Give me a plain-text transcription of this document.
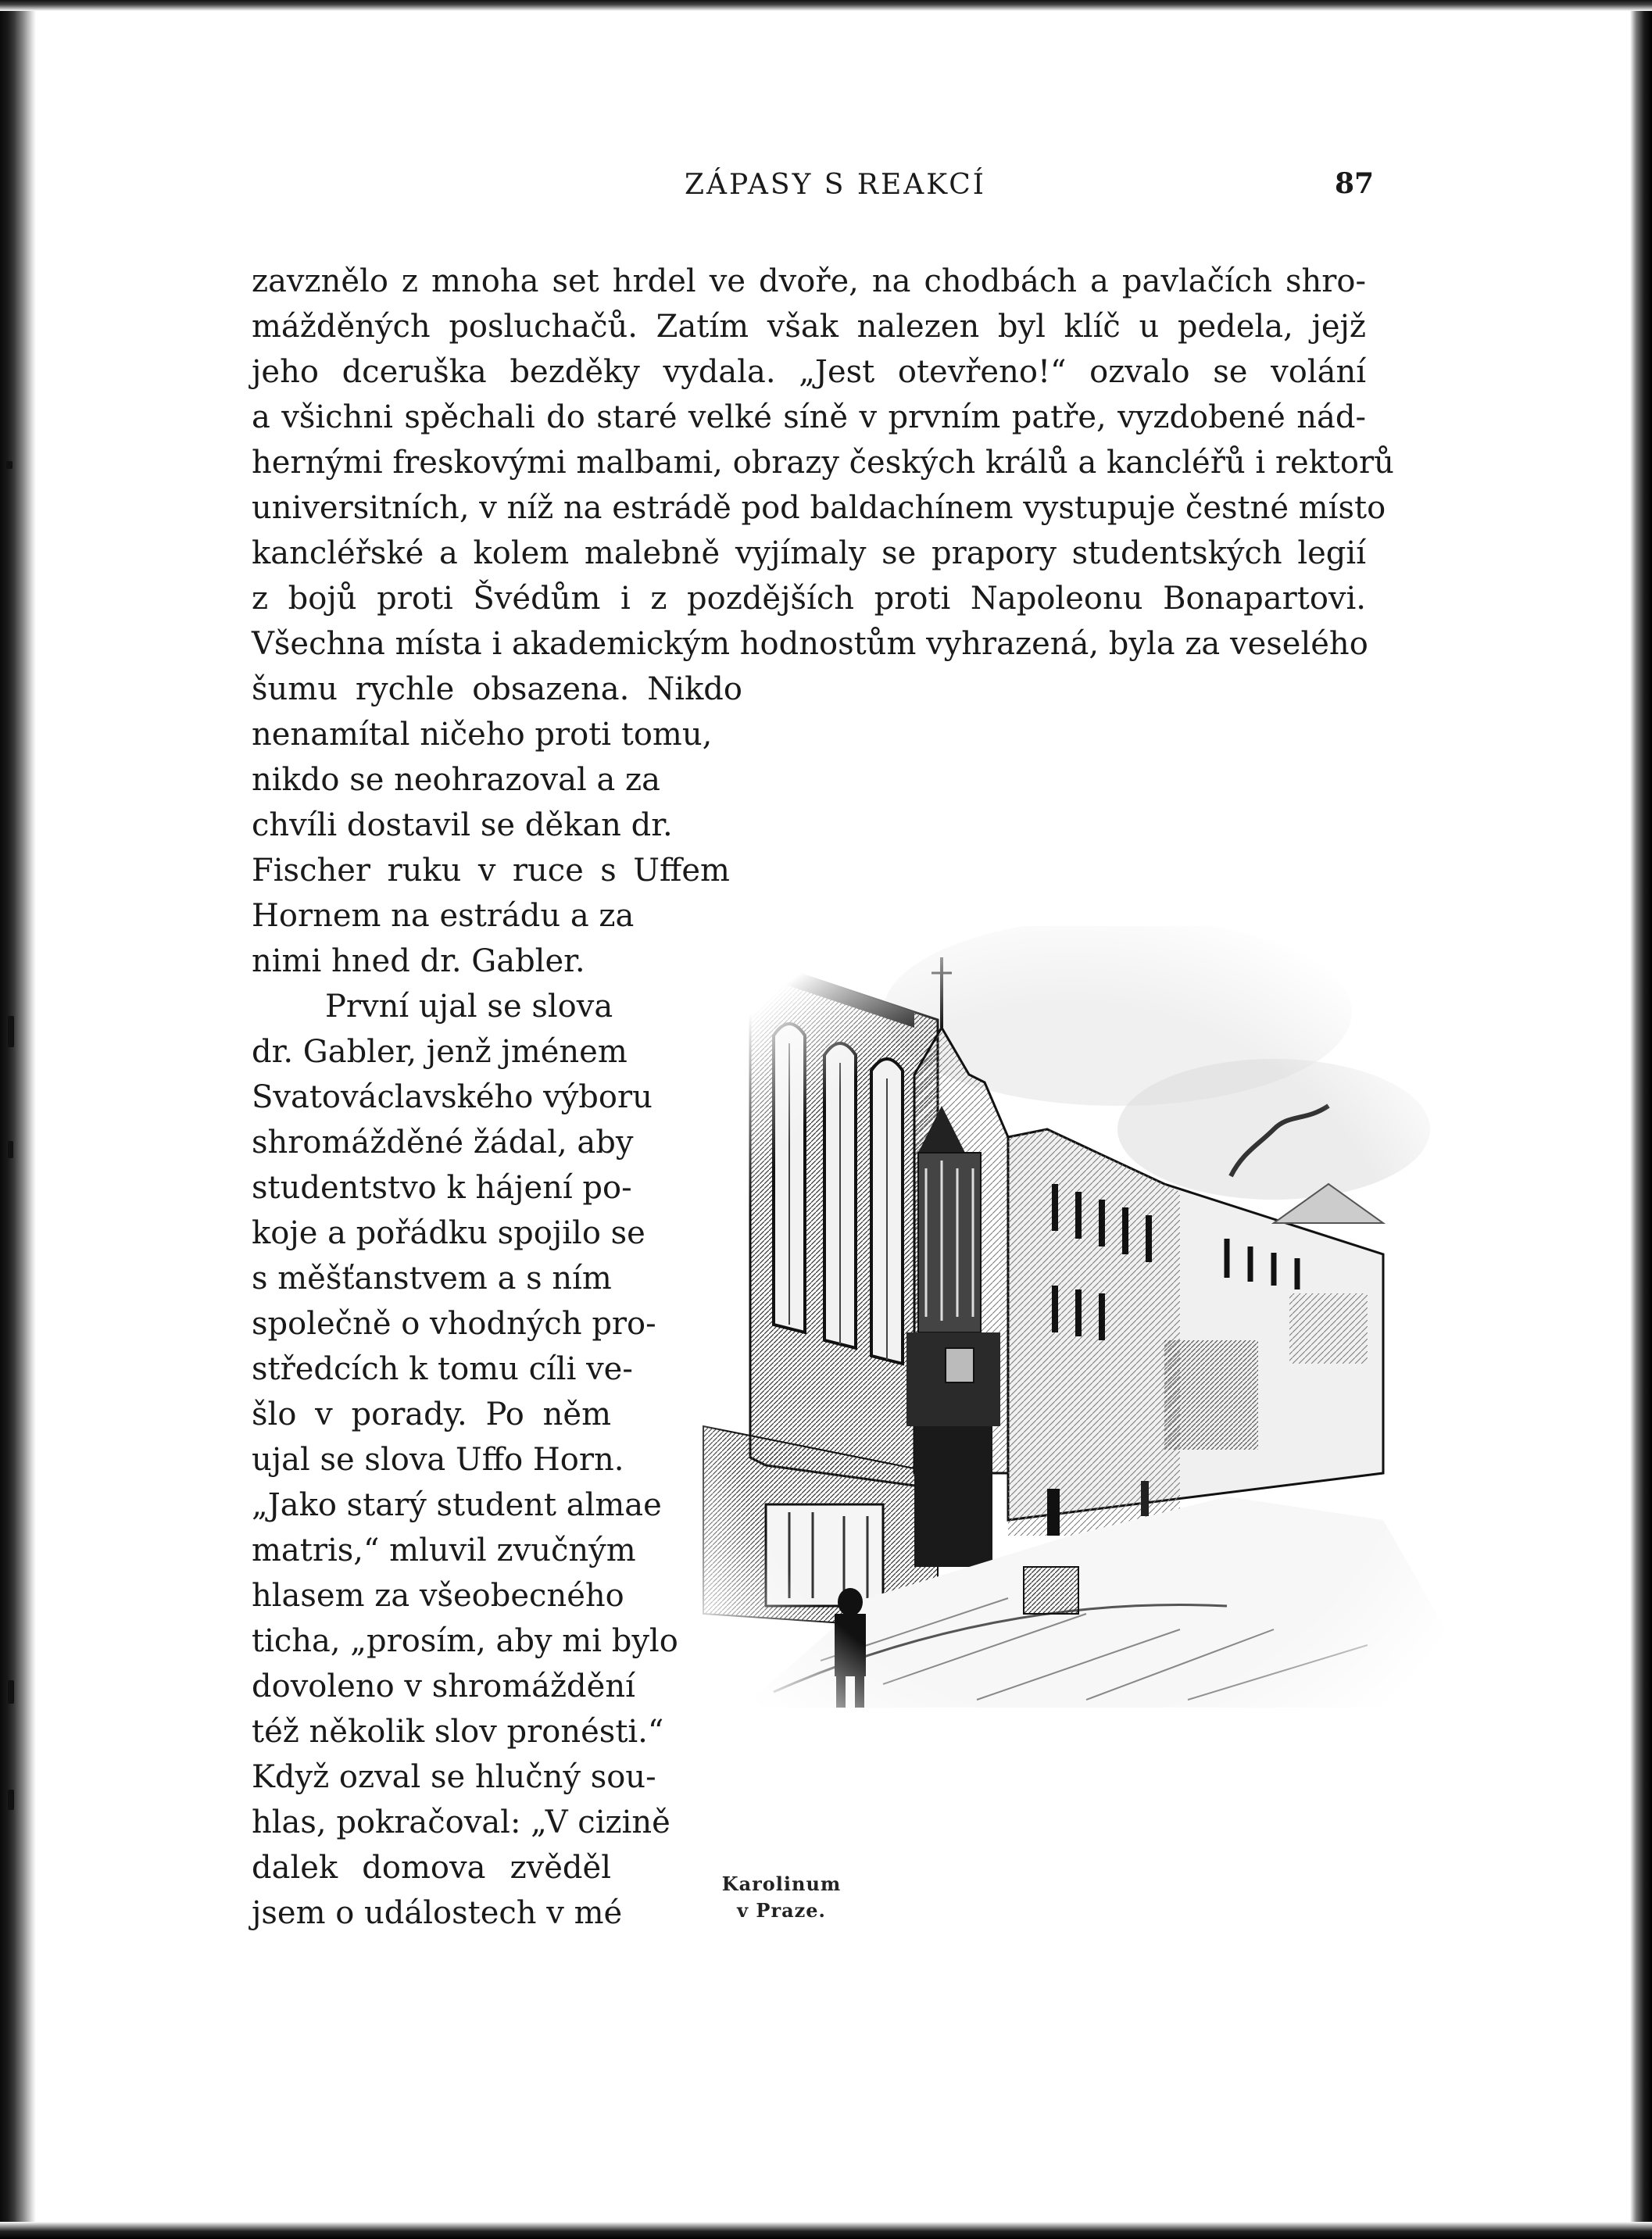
ZÁPASY S REAKCÍ	87
zavznělo z mnoha set hrdel ve dvoře, na chodbách a pavlačích shro-
mážděných posluchačů. Zatím však nalezen byl klíč u pedela, jejž
jeho dceruška bezděky vydala. „Jest otevřeno!“ ozvalo se volání
a všichni spěchali do staré velké síně v prvním patře, vyzdobené nád-
hernými freskovými malbami, obrazy českých králů a kancléřů i rektorů
universitních, v níž na estrádě pod baldachínem vystupuje čestné místo
kancléřské a kolem malebně vyjímaly se prapory studentských legií
z bojů proti Švédům i z pozdějších proti Napoleonu Bonapartovi.
Všechna místa i akademickým hodnostům vyhrazená, byla za veselého
šumu rychle obsazena. Nikdo
nenamítal ničeho proti tomu,
nikdo se neohrazoval a za
chvíli dostavil se děkan dr.
Fischer ruku v ruce s Uffem
Hornem na estrádu a za
nimi hned dr. Gabler.
První ujal se slova
dr. Gabler, jenž jménem
Svatováclavského výboru
shromážděné žádal, aby
studentstvo k hájení po-
koje a pořádku spojilo se
s měšťanstvem a s ním
společně o vhodných pro-
středcích k tomu cíli ve-
šlo v porady. Po něm
ujal se slova Uffo Horn.
„Jako starý student almae
matris,“ mluvil zvučným
hlasem za všeobecného
ticha, „prosím, aby mi bylo
dovoleno v shromáždění
též několik slov pronésti.“
Když ozval se hlučný sou-
hlas, pokračoval: „V cizině
dalek domova zvěděl
jsem o událostech v mé
Karolinum
v Praze.
